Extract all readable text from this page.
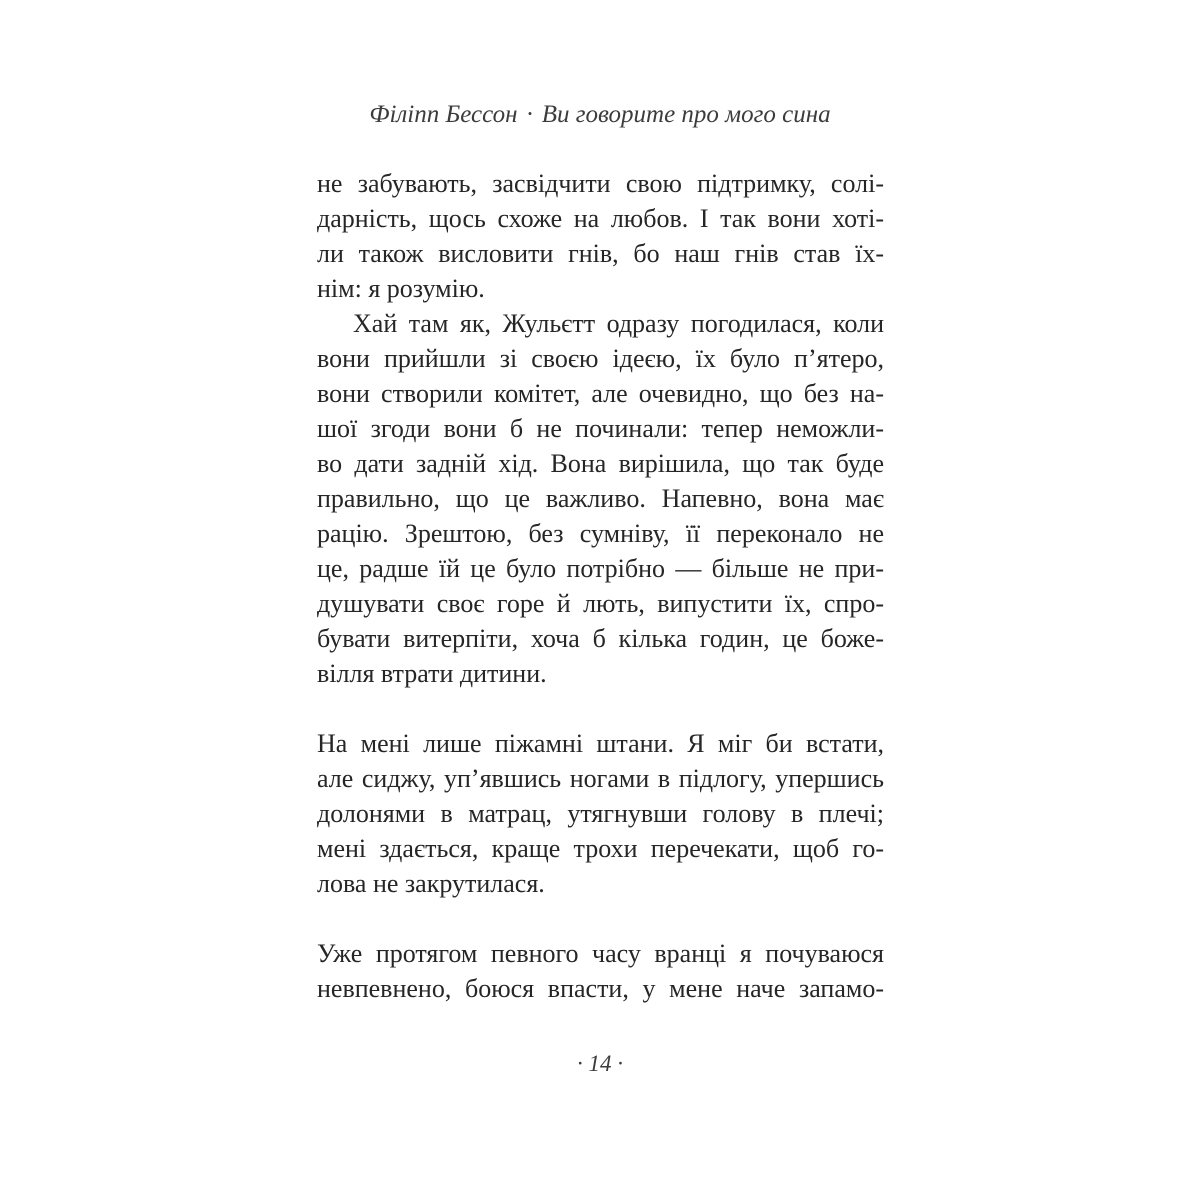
Філіпп Бессон · Ви говорите про мого сина
не забувають, засвідчити свою підтримку, солі-
дарність, щось схоже на любов. І так вони хоті-
ли також висловити гнів, бо наш гнів став їх-
нім: я розумію.
Хай там як, Жульєтт одразу погодилася, коли
вони прийшли зі своєю ідеєю, їх було п’ятеро,
вони створили комітет, але очевидно, що без на-
шої згоди вони б не починали: тепер неможли-
во дати задній хід. Вона вирішила, що так буде
правильно, що це важливо. Напевно, вона має
рацію. Зрештою, без сумніву, її переконало не
це, радше їй це було потрібно — більше не при-
душувати своє горе й лють, випустити їх, спро-
бувати витерпіти, хоча б кілька годин, це боже-
вілля втрати дитини.
На мені лише піжамні штани. Я міг би встати,
але сиджу, уп’явшись ногами в підлогу, упершись
долонями в матрац, утягнувши голову в плечі;
мені здається, краще трохи перечекати, щоб го-
лова не закрутилася.
Уже протягом певного часу вранці я почуваюся
невпевнено, боюся впасти, у мене наче запамо-
· 14 ·
